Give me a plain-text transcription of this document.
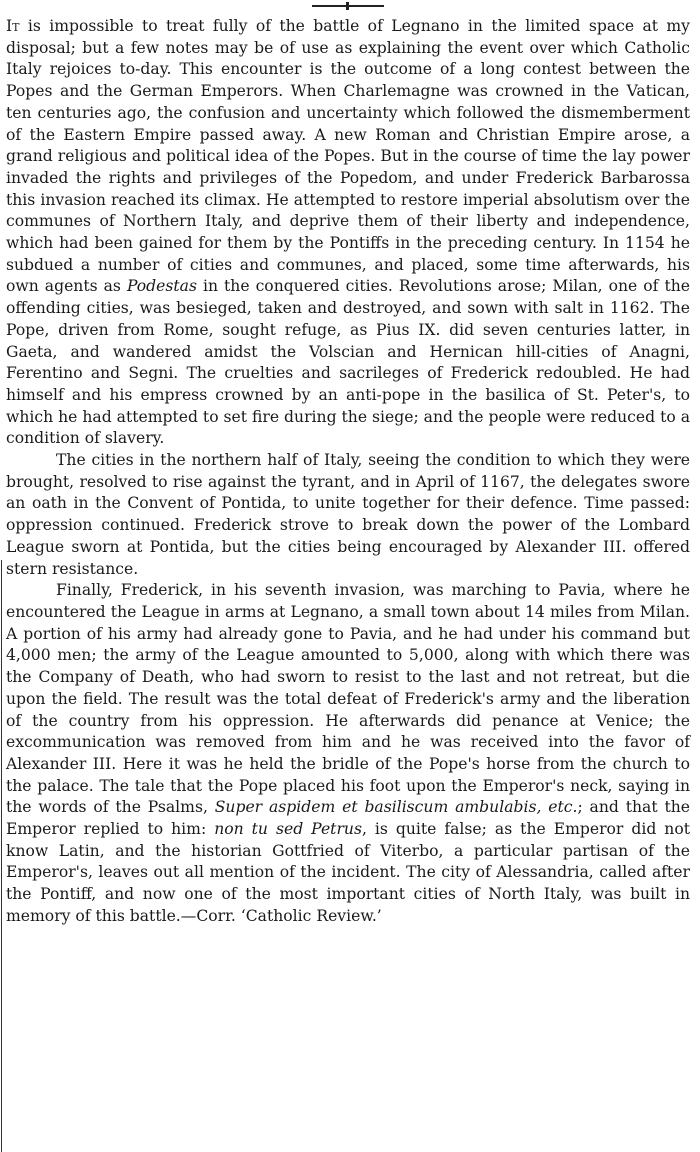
It is impossible to treat fully of the battle of Legnano in the limited space at my disposal; but a few notes may be of use as explaining the event over which Catholic Italy rejoices to-day. This encounter is the outcome of a long contest between the Popes and the German Emperors. When Charlemagne was crowned in the Vatican, ten centuries ago, the confusion and uncertainty which followed the dismemberment of the Eastern Empire passed away. A new Roman and Christian Empire arose, a grand religious and political idea of the Popes. But in the course of time the lay power invaded the rights and privileges of the Popedom, and under Frederick Barbarossa this invasion reached its climax. He attempted to restore imperial absolutism over the communes of Northern Italy, and deprive them of their liberty and independence, which had been gained for them by the Pontiffs in the preceding century. In 1154 he subdued a number of cities and communes, and placed, some time afterwards, his own agents as Podestas in the conquered cities. Revolutions arose; Milan, one of the offending cities, was besieged, taken and destroyed, and sown with salt in 1162. The Pope, driven from Rome, sought refuge, as Pius IX. did seven centuries latter, in Gaeta, and wandered amidst the Volscian and Hernican hill-cities of Anagni, Ferentino and Segni. The cruelties and sacrileges of Frederick redoubled. He had himself and his empress crowned by an anti-pope in the basilica of St. Peter's, to which he had attempted to set fire during the siege; and the people were reduced to a condition of slavery.

The cities in the northern half of Italy, seeing the condition to which they were brought, resolved to rise against the tyrant, and in April of 1167, the delegates swore an oath in the Convent of Pontida, to unite together for their defence. Time passed: oppression continued. Frederick strove to break down the power of the Lombard League sworn at Pontida, but the cities being encouraged by Alexander III. offered stern resistance.

Finally, Frederick, in his seventh invasion, was marching to Pavia, where he encountered the League in arms at Legnano, a small town about 14 miles from Milan. A portion of his army had already gone to Pavia, and he had under his command but 4,000 men; the army of the League amounted to 5,000, along with which there was the Company of Death, who had sworn to resist to the last and not retreat, but die upon the field. The result was the total defeat of Frederick's army and the liberation of the country from his oppression. He afterwards did penance at Venice; the excommunication was removed from him and he was received into the favor of Alexander III. Here it was he held the bridle of the Pope's horse from the church to the palace. The tale that the Pope placed his foot upon the Emperor's neck, saying in the words of the Psalms, Super aspidem et basiliscum ambulabis, etc.; and that the Emperor replied to him: non tu sed Petrus, is quite false; as the Emperor did not know Latin, and the historian Gottfried of Viterbo, a particular partisan of the Emperor's, leaves out all mention of the incident. The city of Alessandria, called after the Pontiff, and now one of the most important cities of North Italy, was built in memory of this battle.—Corr. ‘Catholic Review.’
